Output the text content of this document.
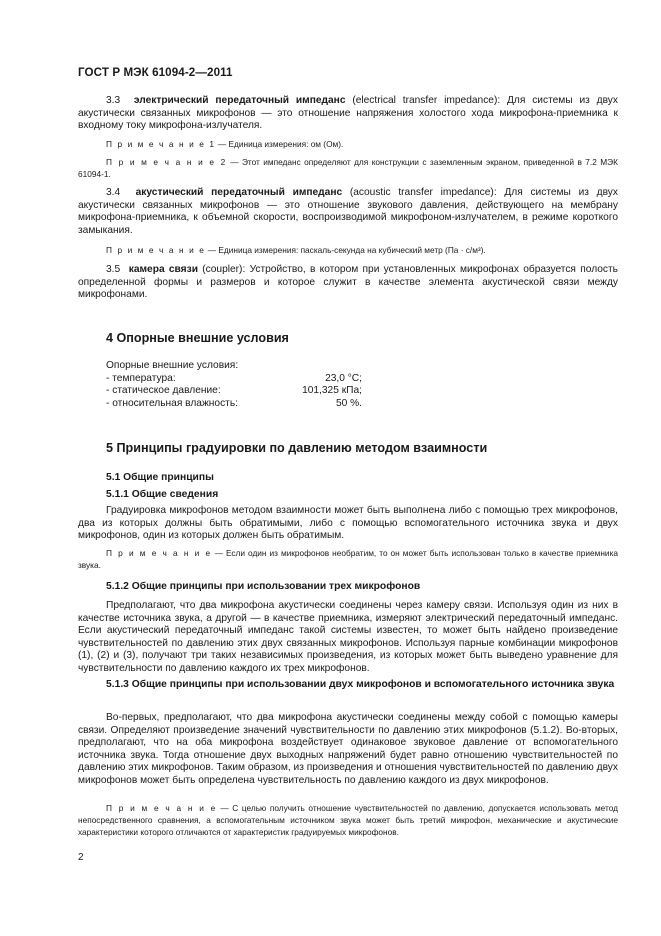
ГОСТ Р МЭК 61094-2—2011

3.3 электрический передаточный импеданс (electrical transfer impedance): Для системы из двух акустически связанных микрофонов — это отношение напряжения холостого хода микрофона-приемника к входному току микрофона-излучателя.

П р и м е ч а н и е 1 — Единица измерения: ом (Ом).

П р и м е ч а н и е 2 — Этот импеданс определяют для конструкции с заземленным экраном, приведенной в 7.2 МЭК 61094-1.

3.4 акустический передаточный импеданс (acoustic transfer impedance): Для системы из двух акустически связанных микрофонов — это отношение звукового давления, действующего на мембрану микрофона-приемника, к объемной скорости, воспроизводимой микрофоном-излучателем, в режиме короткого замыкания.

П р и м е ч а н и е — Единица измерения: паскаль-секунда на кубический метр (Па · с/м³).

3.5 камера связи (coupler): Устройство, в котором при установленных микрофонах образуется полость определенной формы и размеров и которое служит в качестве элемента акустической связи между микрофонами.

4 Опорные внешние условия
Опорные внешние условия:
- температура:	23,0 °С;
- статическое давление:	101,325 кПа;
- относительная влажность:	50 %.
5 Принципы градуировки по давлению методом взаимности
5.1 Общие принципы
5.1.1 Общие сведения

Градуировка микрофонов методом взаимности может быть выполнена либо с помощью трех микрофонов, два из которых должны быть обратимыми, либо с помощью вспомогательного источника звука и двух микрофонов, один из которых должен быть обратимым.

П р и м е ч а н и е — Если один из микрофонов необратим, то он может быть использован только в качестве приемника звука.

5.1.2 Общие принципы при использовании трех микрофонов

Предполагают, что два микрофона акустически соединены через камеру связи. Используя один из них в качестве источника звука, а другой — в качестве приемника, измеряют электрический передаточный импеданс. Если акустический передаточный импеданс такой системы известен, то может быть найдено произведение чувствительностей по давлению этих двух связанных микрофонов. Используя парные комбинации микрофонов (1), (2) и (3), получают три таких независимых произведения, из которых может быть выведено уравнение для чувствительности по давлению каждого их трех микрофонов.

5.1.3 Общие принципы при использовании двух микрофонов и вспомогательного источника звука

Во-первых, предполагают, что два микрофона акустически соединены между собой с помощью камеры связи. Определяют произведение значений чувствительности по давлению этих микрофонов (5.1.2). Во-вторых, предполагают, что на оба микрофона воздействует одинаковое звуковое давление от вспомогательного источника звука. Тогда отношение двух выходных напряжений будет равно отношению чувствительностей по давлению этих микрофонов. Таким образом, из произведения и отношения чувствительностей по давлению двух микрофонов может быть определена чувствительность по давлению каждого из двух микрофонов.

П р и м е ч а н и е — С целью получить отношение чувствительностей по давлению, допускается использовать метод непосредственного сравнения, а вспомогательным источником звука может быть третий микрофон, механические и акустические характеристики которого отличаются от характеристик градуируемых микрофонов.

2
